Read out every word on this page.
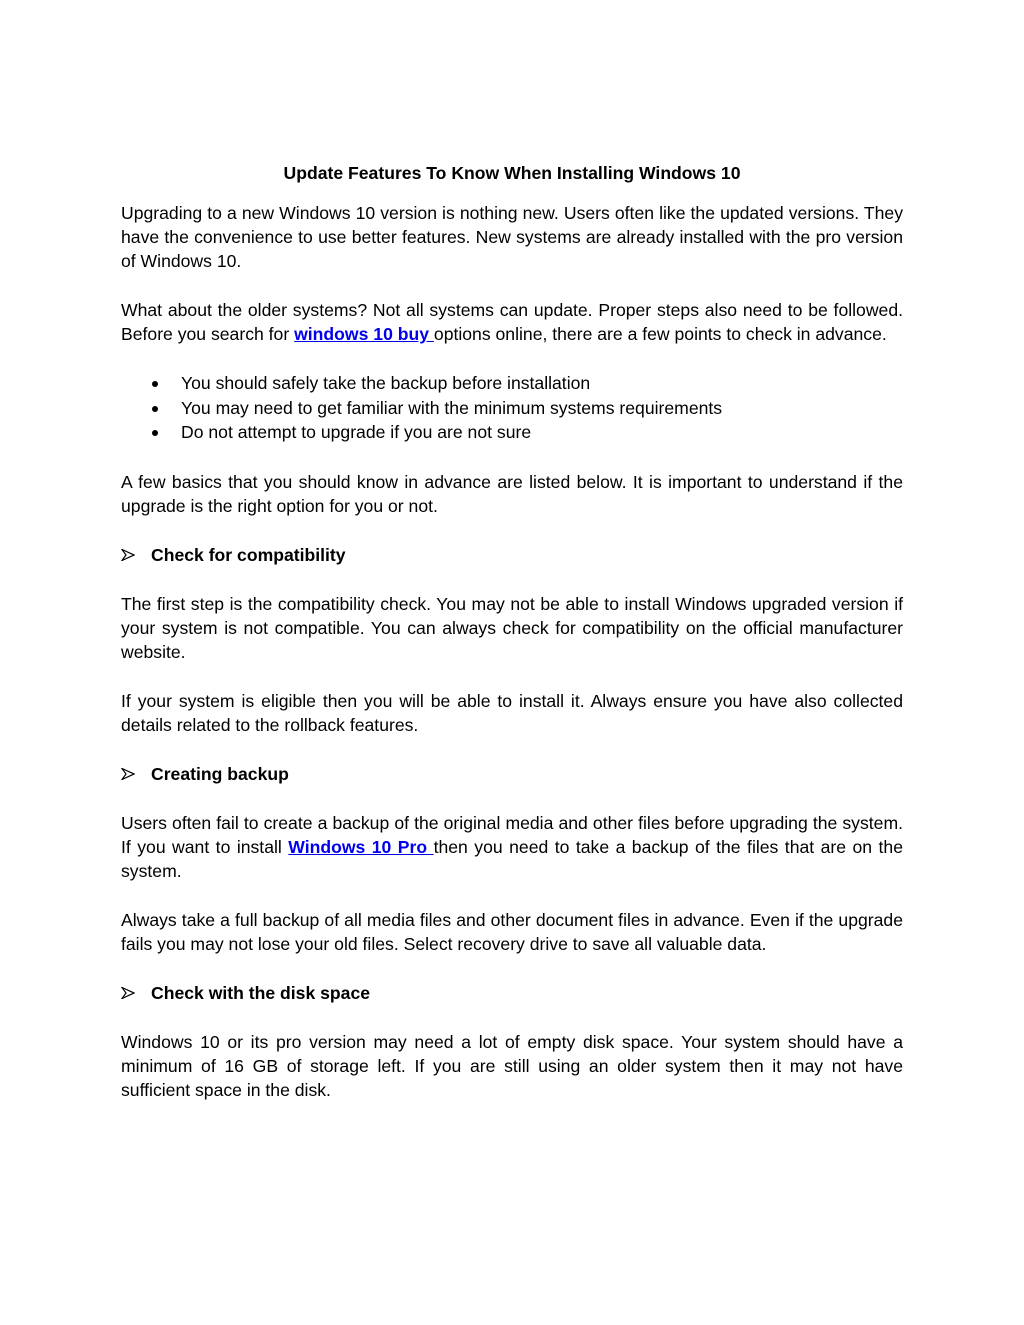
Update Features To Know When Installing Windows 10

Upgrading to a new Windows 10 version is nothing new. Users often like the updated versions. They have the convenience to use better features. New systems are already installed with the pro version of Windows 10.

What about the older systems? Not all systems can update. Proper steps also need to be followed. Before you search for windows 10 buy options online, there are a few points to check in advance.

You should safely take the backup before installation
You may need to get familiar with the minimum systems requirements
Do not attempt to upgrade if you are not sure

A few basics that you should know in advance are listed below. It is important to understand if the upgrade is the right option for you or not.

Check for compatibility

The first step is the compatibility check. You may not be able to install Windows upgraded version if your system is not compatible. You can always check for compatibility on the official manufacturer website.

If your system is eligible then you will be able to install it. Always ensure you have also collected details related to the rollback features.

Creating backup

Users often fail to create a backup of the original media and other files before upgrading the system. If you want to install Windows 10 Pro then you need to take a backup of the files that are on the system.

Always take a full backup of all media files and other document files in advance. Even if the upgrade fails you may not lose your old files. Select recovery drive to save all valuable data.

Check with the disk space

Windows 10 or its pro version may need a lot of empty disk space. Your system should have a minimum of 16 GB of storage left. If you are still using an older system then it may not have sufficient space in the disk.
